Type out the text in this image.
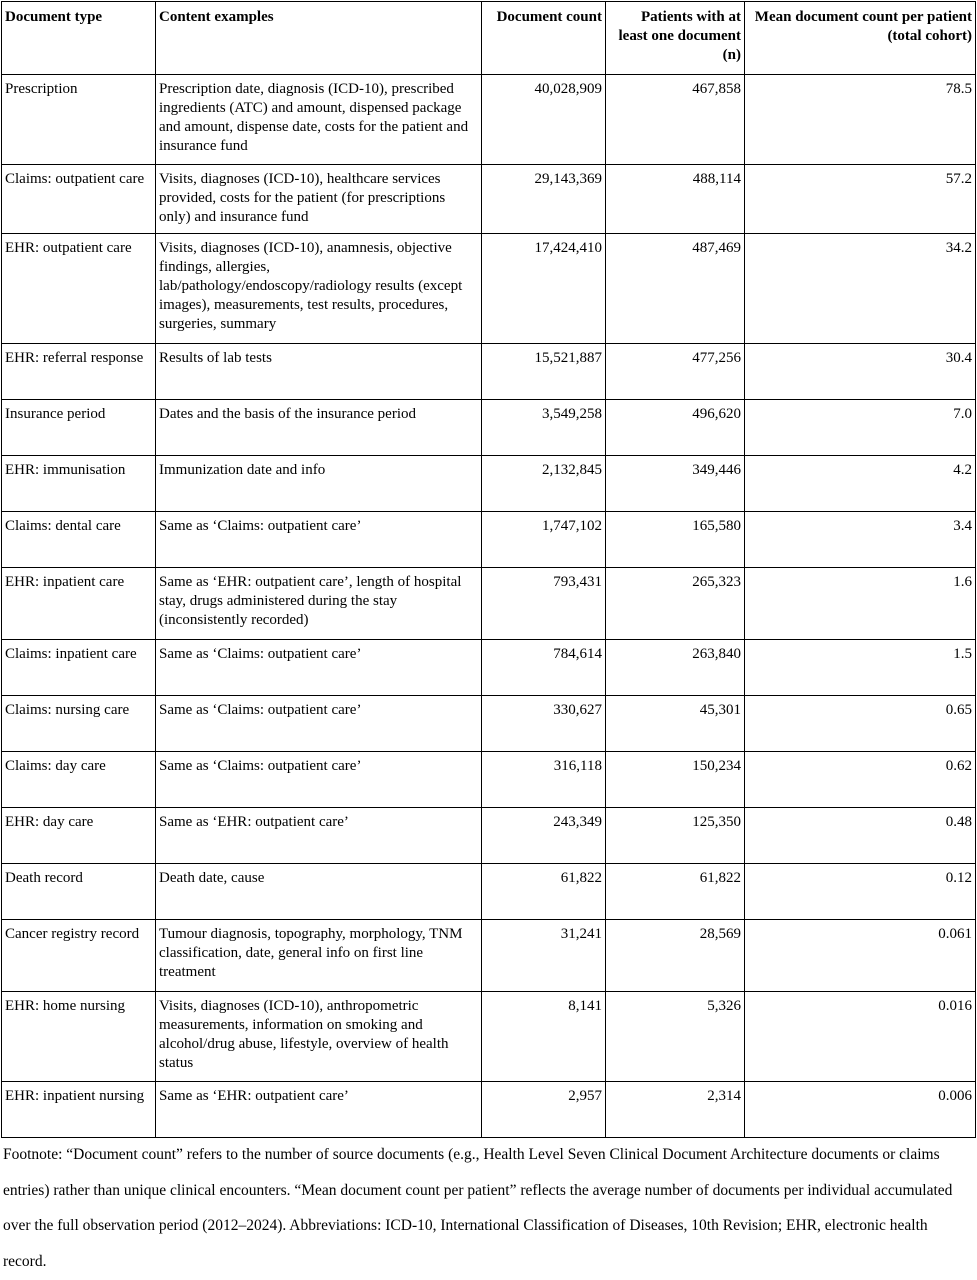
Document type	Content examples	Document count	Patients with at least one document (n)	Mean document count per patient (total cohort)
Prescription	Prescription date, diagnosis (ICD-10), prescribed ingredients (ATC) and amount, dispensed package and amount, dispense date, costs for the patient and insurance fund	40,028,909	467,858	78.5
Claims: outpatient care	Visits, diagnoses (ICD-10), healthcare services provided, costs for the patient (for prescriptions only) and insurance fund	29,143,369	488,114	57.2
EHR: outpatient care	Visits, diagnoses (ICD-10), anamnesis, objective findings, allergies, lab/pathology/endoscopy/radiology results (except images), measurements, test results, procedures, surgeries, summary	17,424,410	487,469	34.2
EHR: referral response	Results of lab tests	15,521,887	477,256	30.4
Insurance period	Dates and the basis of the insurance period	3,549,258	496,620	7.0
EHR: immunisation	Immunization date and info	2,132,845	349,446	4.2
Claims: dental care	Same as ‘Claims: outpatient care’	1,747,102	165,580	3.4
EHR: inpatient care	Same as ‘EHR: outpatient care’, length of hospital stay, drugs administered during the stay (inconsistently recorded)	793,431	265,323	1.6
Claims: inpatient care	Same as ‘Claims: outpatient care’	784,614	263,840	1.5
Claims: nursing care	Same as ‘Claims: outpatient care’	330,627	45,301	0.65
Claims: day care	Same as ‘Claims: outpatient care’	316,118	150,234	0.62
EHR: day care	Same as ‘EHR: outpatient care’	243,349	125,350	0.48
Death record	Death date, cause	61,822	61,822	0.12
Cancer registry record	Tumour diagnosis, topography, morphology, TNM classification, date, general info on first line treatment	31,241	28,569	0.061
EHR: home nursing	Visits, diagnoses (ICD-10), anthropometric measurements, information on smoking and alcohol/drug abuse, lifestyle, overview of health status	8,141	5,326	0.016
EHR: inpatient nursing	Same as ‘EHR: outpatient care’	2,957	2,314	0.006

Footnote: “Document count” refers to the number of source documents (e.g., Health Level Seven Clinical Document Architecture documents or claims entries) rather than unique clinical encounters. “Mean document count per patient” reflects the average number of documents per individual accumulated over the full observation period (2012–2024). Abbreviations: ICD-10, International Classification of Diseases, 10th Revision; EHR, electronic health record.
